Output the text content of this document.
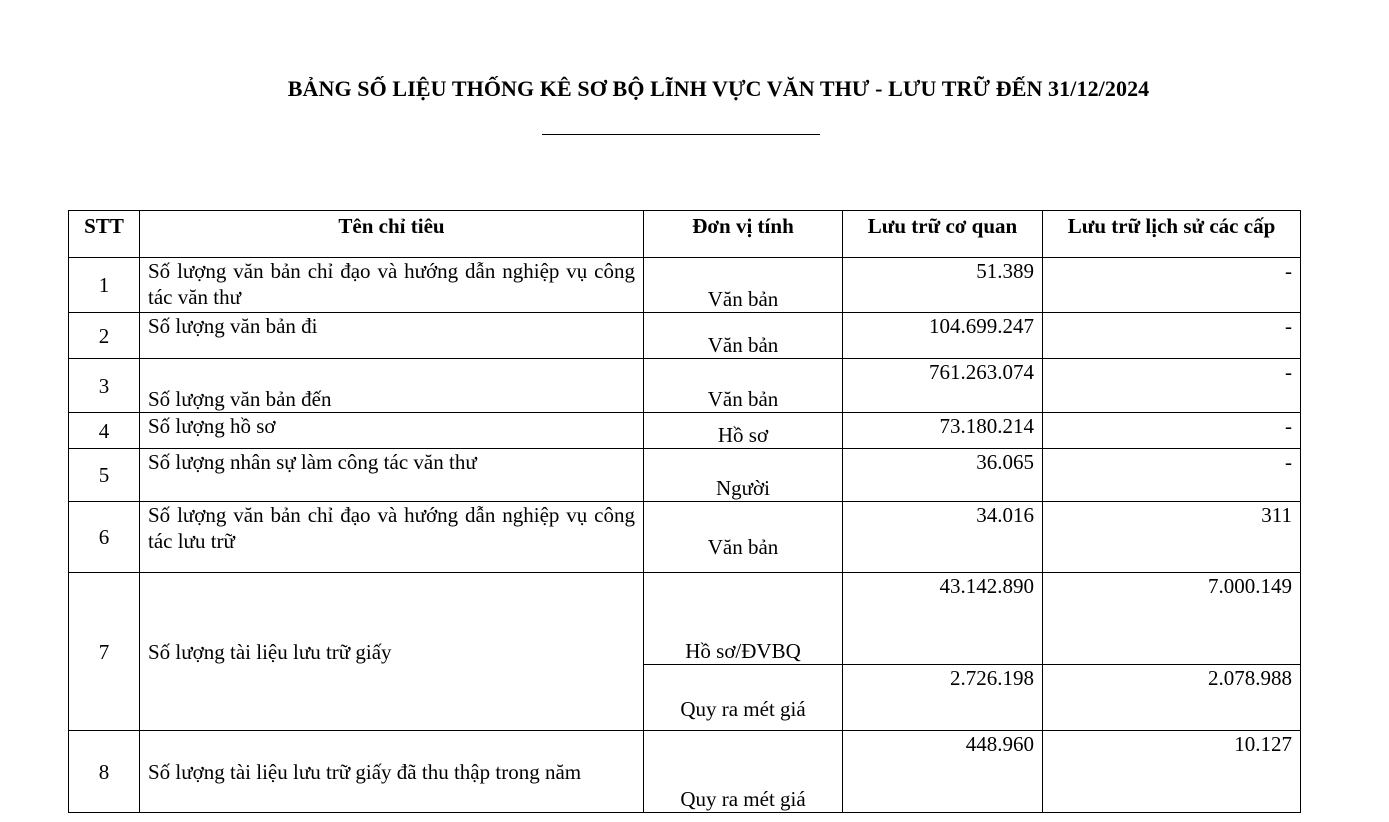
BẢNG SỐ LIỆU THỐNG KÊ SƠ BỘ LĨNH VỰC VĂN THƯ - LƯU TRỮ ĐẾN 31/12/2024
STT	Tên chỉ tiêu	Đơn vị tính	Lưu trữ cơ quan	Lưu trữ lịch sử các cấp
1	Số lượng văn bản chỉ đạo và hướng dẫn nghiệp vụ công tác văn thư	Văn bản	51.389	-
2	Số lượng văn bản đi	Văn bản	104.699.247	-
3	Số lượng văn bản đến	Văn bản	761.263.074	-
4	Số lượng hồ sơ	Hồ sơ	73.180.214	-
5	Số lượng nhân sự làm công tác văn thư	Người	36.065	-
6	Số lượng văn bản chỉ đạo và hướng dẫn nghiệp vụ công tác lưu trữ	Văn bản	34.016	311
7	Số lượng tài liệu lưu trữ giấy	Hồ sơ/ĐVBQ	43.142.890	7.000.149
		Quy ra mét giá	2.726.198	2.078.988
8	Số lượng tài liệu lưu trữ giấy đã thu thập trong năm	Quy ra mét giá	448.960	10.127
